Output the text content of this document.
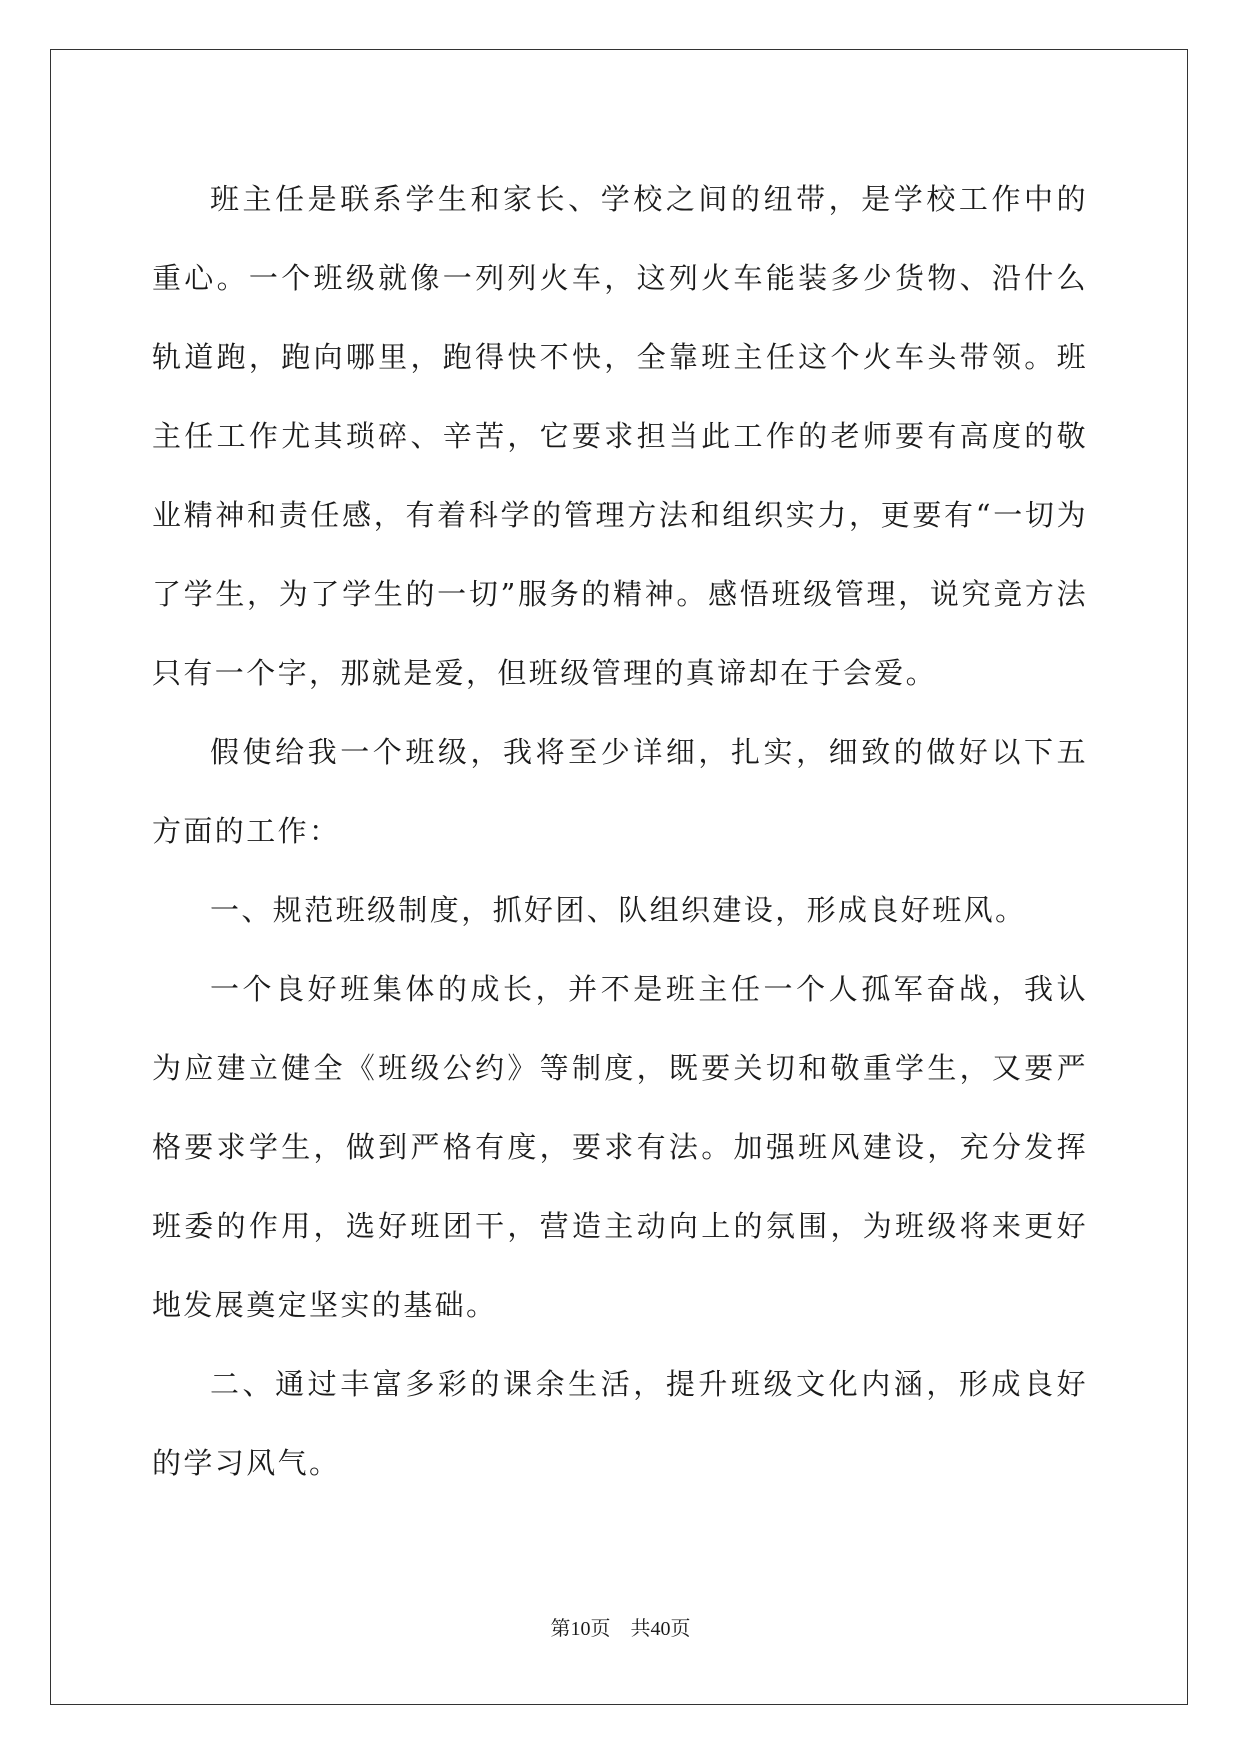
班主任是联系学生和家长、学校之间的纽带，是学校工作中的重心。一个班级就像一列列火车，这列火车能装多少货物、沿什么轨道跑，跑向哪里，跑得快不快，全靠班主任这个火车头带领。班主任工作尤其琐碎、辛苦，它要求担当此工作的老师要有高度的敬业精神和责任感，有着科学的管理方法和组织实力，更要有“一切为了学生，为了学生的一切”服务的精神。感悟班级管理，说究竟方法只有一个字，那就是爱，但班级管理的真谛却在于会爱。

假使给我一个班级，我将至少详细，扎实，细致的做好以下五方面的工作：

一、规范班级制度，抓好团、队组织建设，形成良好班风。

一个良好班集体的成长，并不是班主任一个人孤军奋战，我认为应建立健全《班级公约》等制度，既要关切和敬重学生，又要严格要求学生，做到严格有度，要求有法。加强班风建设，充分发挥班委的作用，选好班团干，营造主动向上的氛围，为班级将来更好地发展奠定坚实的基础。

二、通过丰富多彩的课余生活，提升班级文化内涵，形成良好的学习风气。

第10页 共40页
